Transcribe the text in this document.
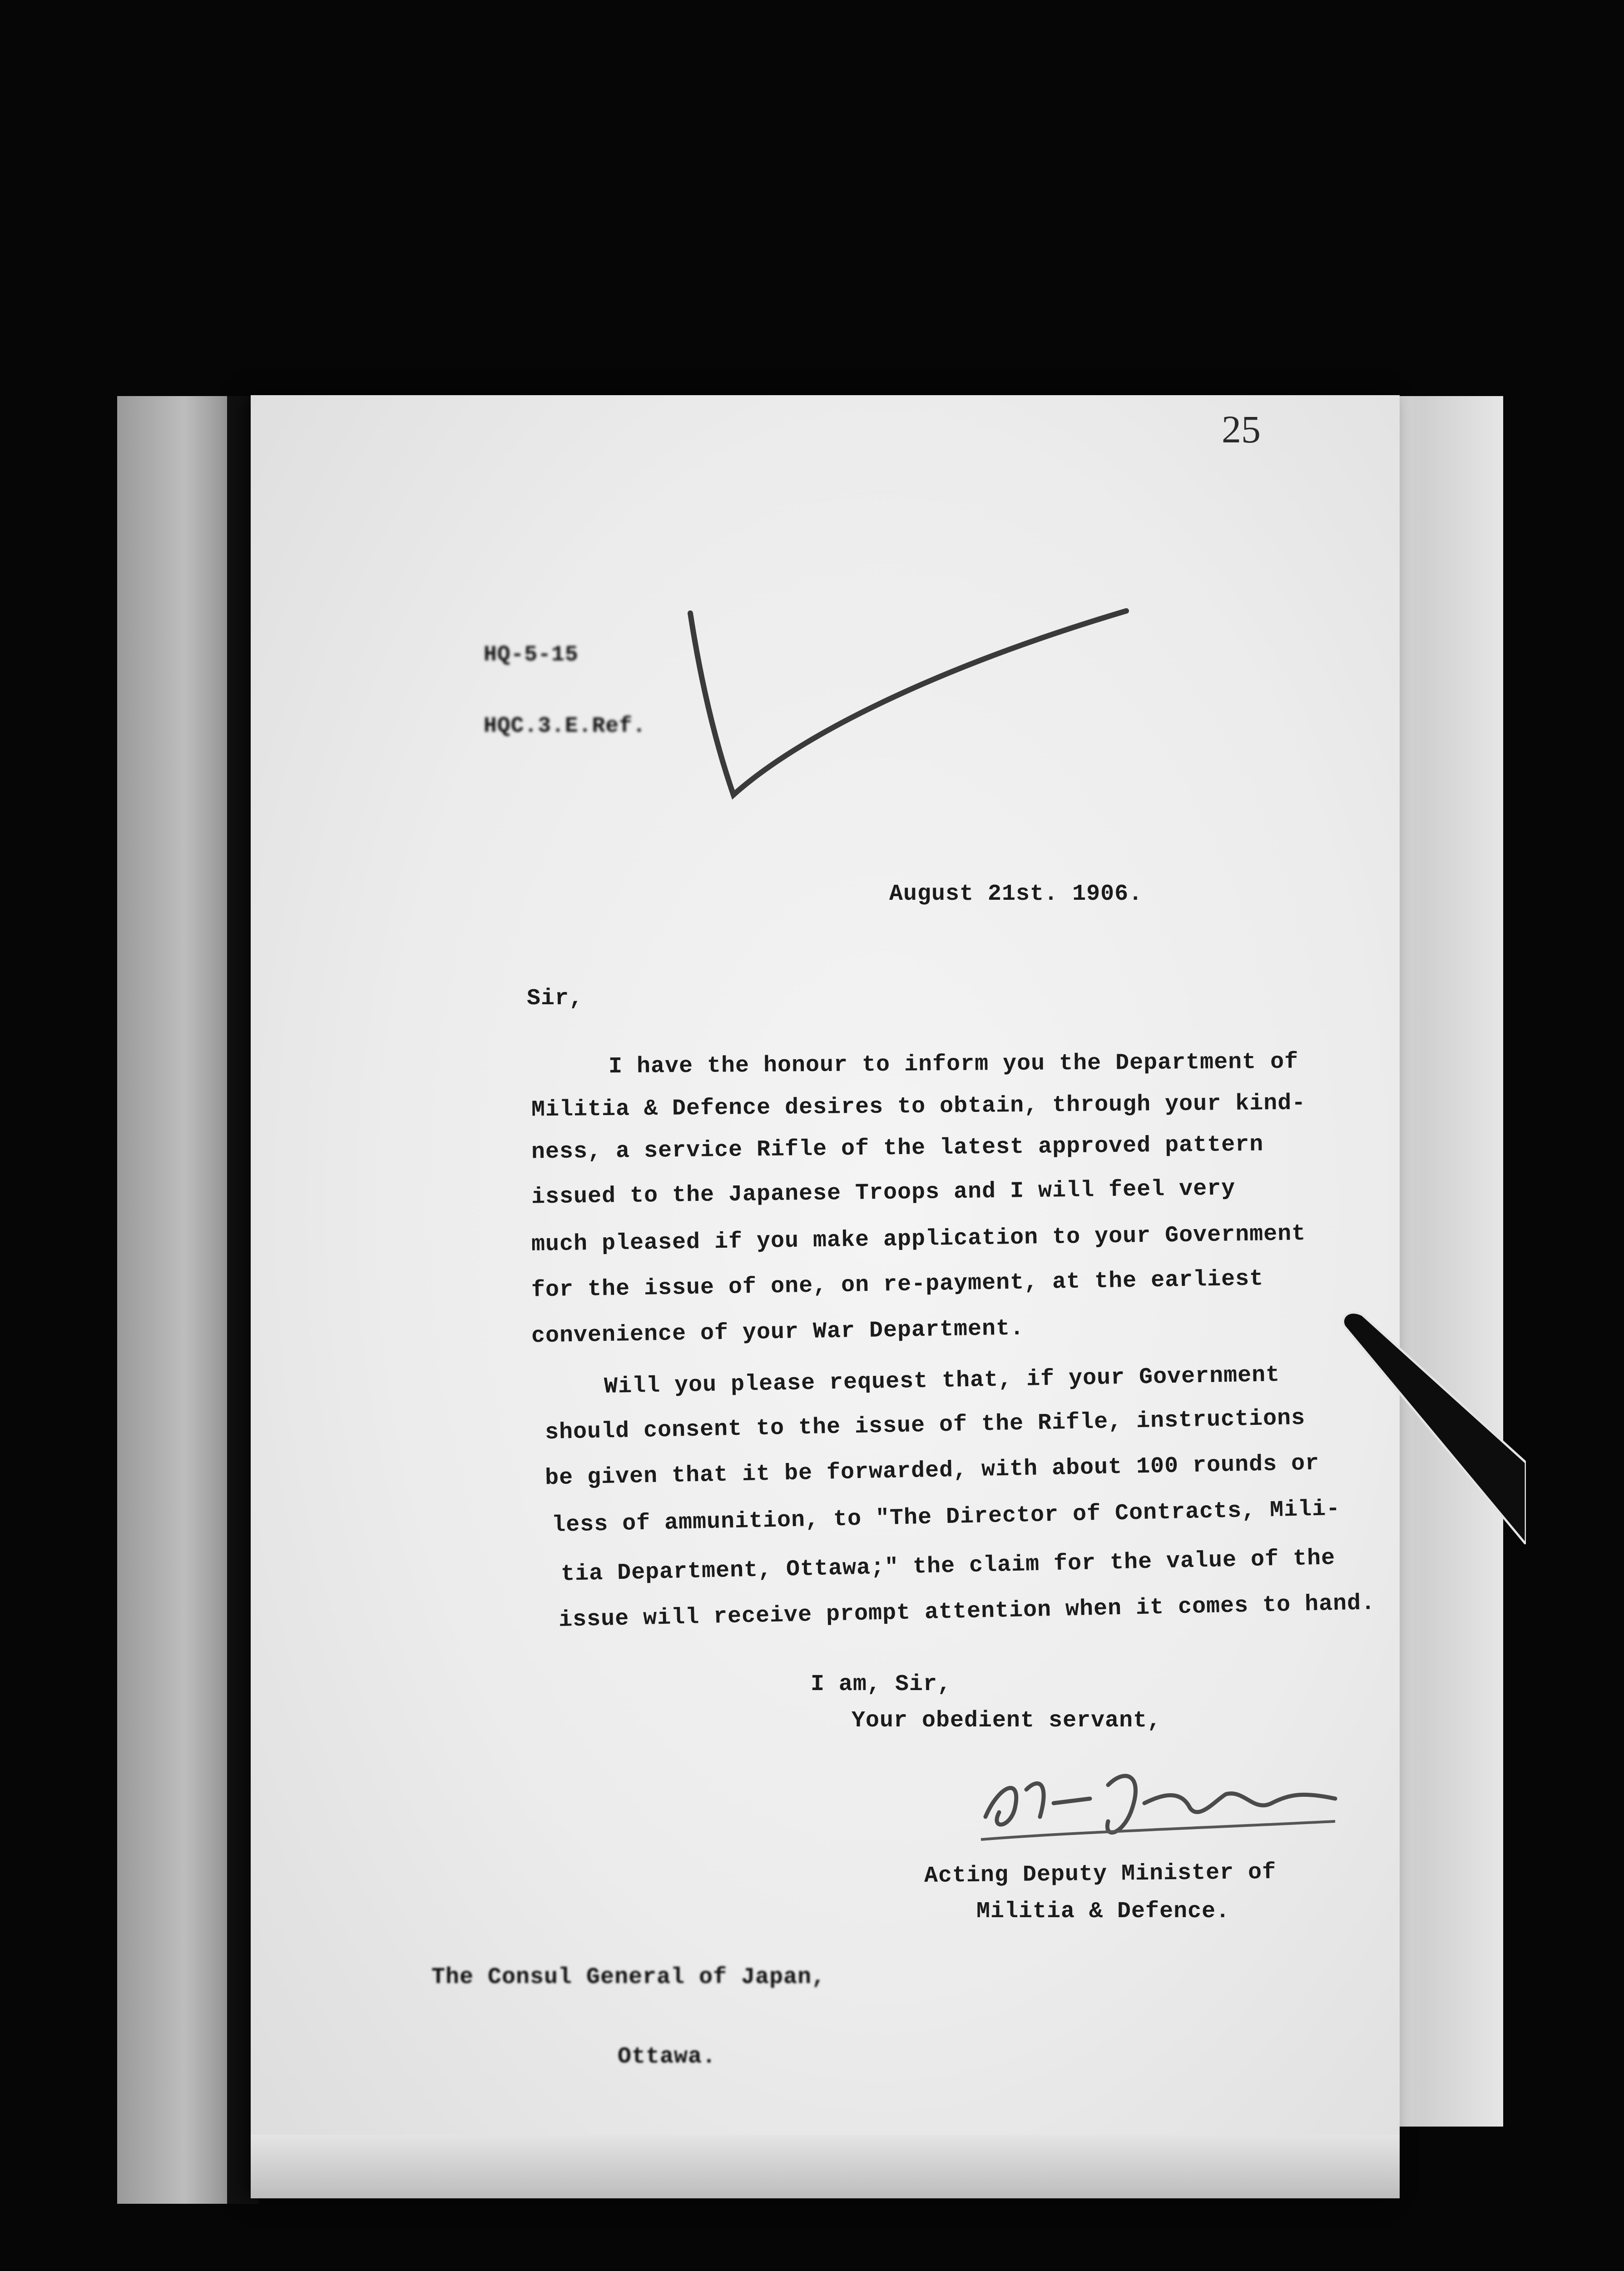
25
HQ-5-15
HQC.3.E.Ref.
August 21st. 1906.
Sir,
I have the honour to inform you the Department of
Militia & Defence desires to obtain, through your kind-
ness, a service Rifle of the latest approved pattern
issued to the Japanese Troops and I will feel very
much pleased if you make application to your Government
for the issue of one, on re-payment, at the earliest
convenience of your War Department.
Will you please request that, if your Government
should consent to the issue of the Rifle, instructions
be given that it be forwarded, with about 100 rounds or
less of ammunition, to "The Director of Contracts, Mili-
tia Department, Ottawa;" the claim for the value of the
issue will receive prompt attention when it comes to hand.
I am, Sir,
Your obedient servant,
Acting Deputy Minister of
Militia & Defence.
The Consul General of Japan,
Ottawa.
